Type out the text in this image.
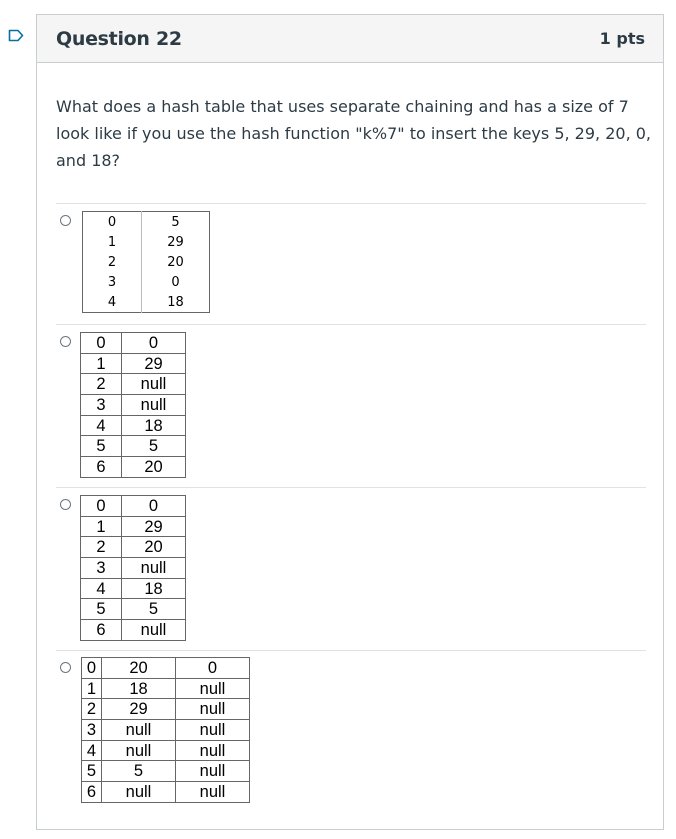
Question 22	1 pts
What does a hash table that uses separate chaining and has a size of 7 look like if you use the hash function "k%7" to insert the keys 5, 29, 20, 0, and 18?
0	5
1	29
2	20
3	0
4	18
0	0
1	29
2	null
3	null
4	18
5	5
6	20
0	0
1	29
2	20
3	null
4	18
5	5
6	null
0	20	0
1	18	null
2	29	null
3	null	null
4	null	null
5	5	null
6	null	null
